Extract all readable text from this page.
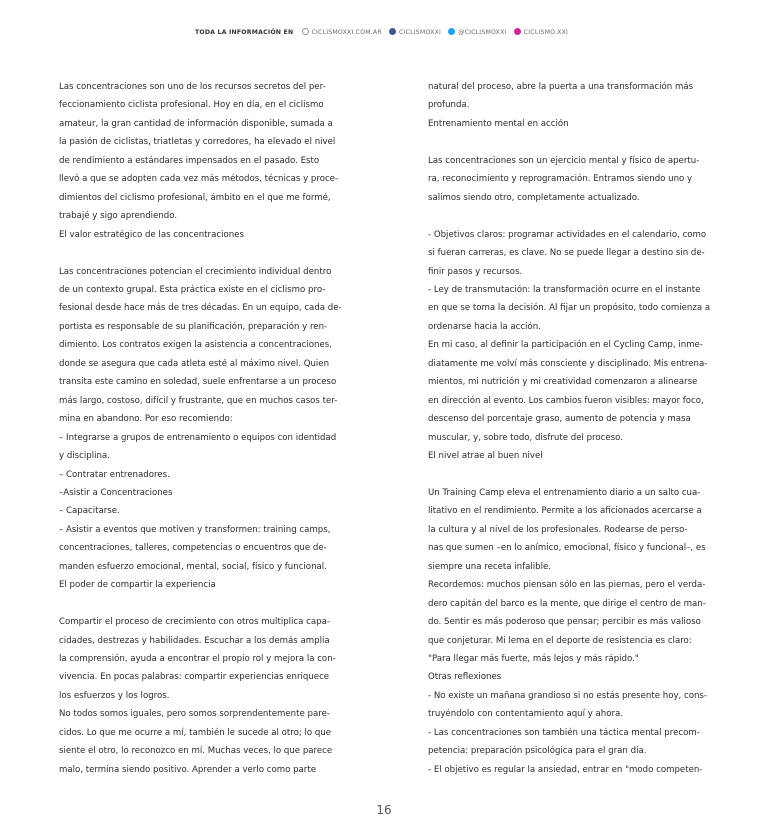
TODA LA INFORMACIÓN EN	CICLISMOXXI.COM.AR	CICLISMOXXI	@CICLISMOXXI	CICLISMO.XXI

Las concentraciones son uno de los recursos secretos del per-

feccionamiento ciclista profesional. Hoy en día, en el ciclismo

amateur, la gran cantidad de información disponible, sumada a

la pasión de ciclistas, triatletas y corredores, ha elevado el nivel

de rendimiento a estándares impensados en el pasado. Esto

llevó a que se adopten cada vez más métodos, técnicas y proce-

dimientos del ciclismo profesional, ámbito en el que me formé,

trabajé y sigo aprendiendo.

El valor estratégico de las concentraciones

Las concentraciones potencian el crecimiento individual dentro

de un contexto grupal. Esta práctica existe en el ciclismo pro-

fesional desde hace más de tres décadas. En un equipo, cada de-

portista es responsable de su planificación, preparación y ren-

dimiento. Los contratos exigen la asistencia a concentraciones,

donde se asegura que cada atleta esté al máximo nivel. Quien

transita este camino en soledad, suele enfrentarse a un proceso

más largo, costoso, difícil y frustrante, que en muchos casos ter-

mina en abandono. Por eso recomiendo:

– Integrarse a grupos de entrenamiento o equipos con identidad

y disciplina.

– Contratar entrenadores.

–Asistir a Concentraciones

– Capacitarse.

– Asistir a eventos que motiven y transformen: training camps,

concentraciones, talleres, competencias o encuentros que de-

manden esfuerzo emocional, mental, social, físico y funcional.

El poder de compartir la experiencia

Compartir el proceso de crecimiento con otros multiplica capa-

cidades, destrezas y habilidades. Escuchar a los demás amplía

la comprensión, ayuda a encontrar el propio rol y mejora la con-

vivencia. En pocas palabras: compartir experiencias enriquece

los esfuerzos y los logros.

No todos somos iguales, pero somos sorprendentemente pare-

cidos. Lo que me ocurre a mí, también le sucede al otro; lo que

siente el otro, lo reconozco en mí. Muchas veces, lo que parece

malo, termina siendo positivo. Aprender a verlo como parte

natural del proceso, abre la puerta a una transformación más

profunda.

Entrenamiento mental en acción

Las concentraciones son un ejercicio mental y físico de apertu-

ra, reconocimiento y reprogramación. Entramos siendo uno y

salimos siendo otro, completamente actualizado.

- Objetivos claros: programar actividades en el calendario, como

si fueran carreras, es clave. No se puede llegar a destino sin de-

finir pasos y recursos.

- Ley de transmutación: la transformación ocurre en el instante

en que se toma la decisión. Al fijar un propósito, todo comienza a

ordenarse hacia la acción.

En mi caso, al definir la participación en el Cycling Camp, inme-

diatamente me volví más consciente y disciplinado. Mis entrena-

mientos, mi nutrición y mi creatividad comenzaron a alinearse

en dirección al evento. Los cambios fueron visibles: mayor foco,

descenso del porcentaje graso, aumento de potencia y masa

muscular, y, sobre todo, disfrute del proceso.

El nivel atrae al buen nivel

Un Training Camp eleva el entrenamiento diario a un salto cua-

litativo en el rendimiento. Permite a los aficionados acercarse a

la cultura y al nivel de los profesionales. Rodearse de perso-

nas que sumen –en lo anímico, emocional, físico y funcional–, es

siempre una receta infalible.

Recordemos: muchos piensan sólo en las piernas, pero el verda-

dero capitán del barco es la mente, que dirige el centro de man-

do. Sentir es más poderoso que pensar; percibir es más valioso

que conjeturar. Mi lema en el deporte de resistencia es claro:

"Para llegar más fuerte, más lejos y más rápido."

Otras reflexiones

- No existe un mañana grandioso si no estás presente hoy, cons-

truyéndolo con contentamiento aquí y ahora.

- Las concentraciones son también una táctica mental precom-

petencia: preparación psicológica para el gran día.

- El objetivo es regular la ansiedad, entrar en "modo competen-

16
